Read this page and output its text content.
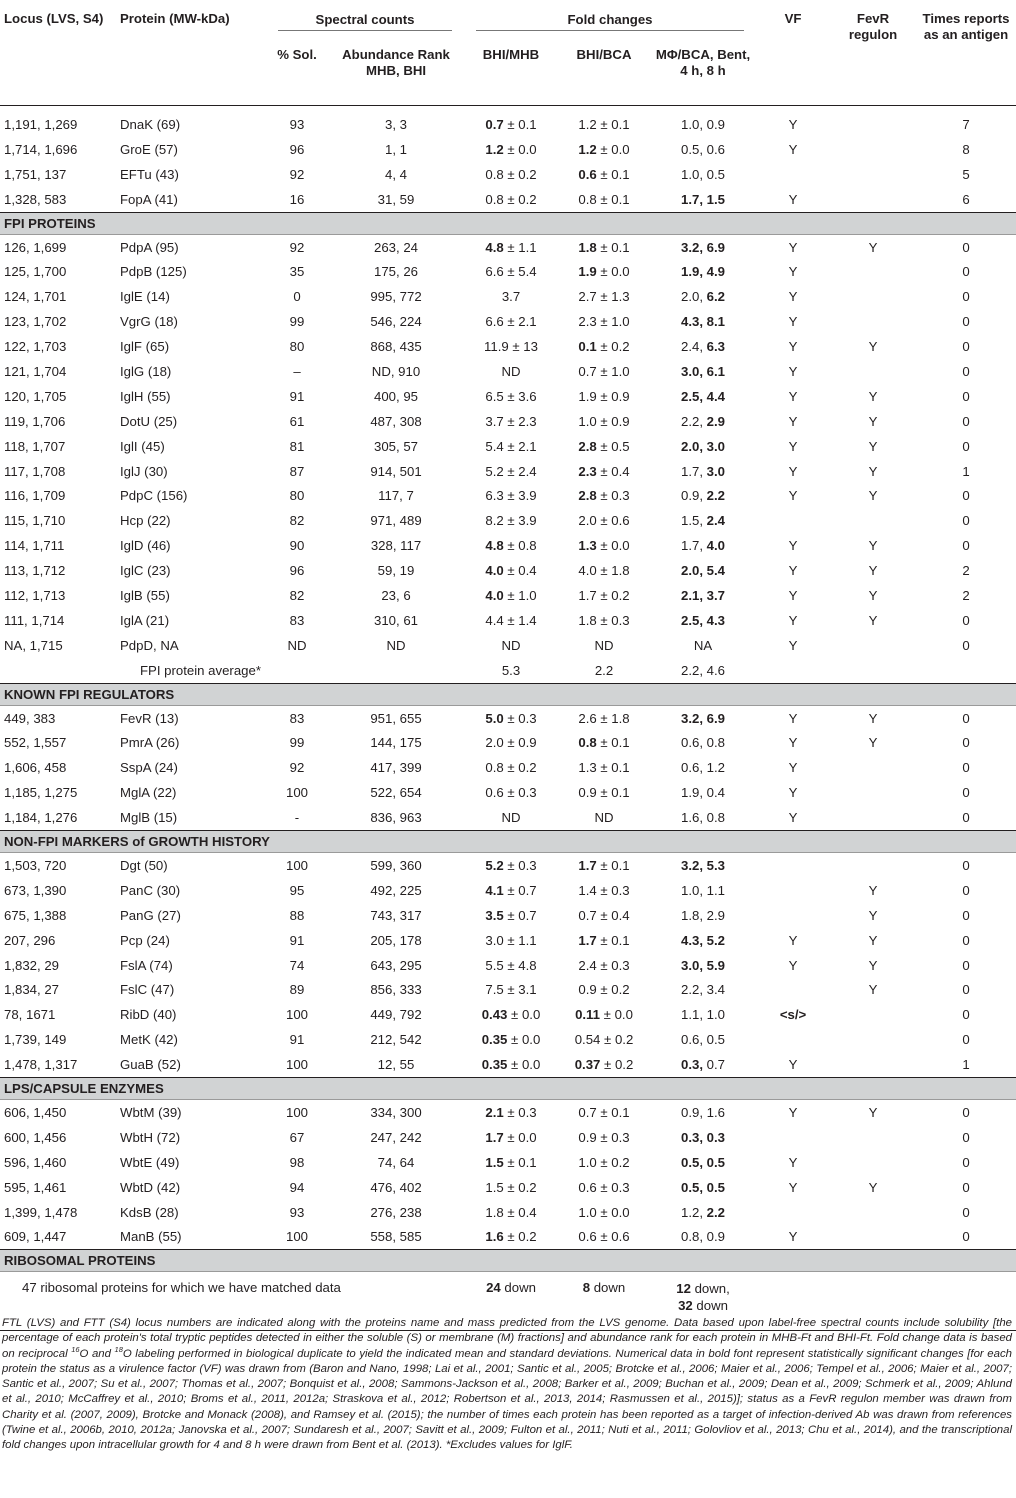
Locus (LVS, S4)	Protein (MW-kDa)	Spectral counts		Fold changes			VF	FevR regulon	Times reports as an antigen
		% Sol.	Abundance Rank MHB, BHI	BHI/MHB	BHI/BCA	MΦ/BCA, Bent, 4 h, 8 h			

1,191, 1,269	DnaK (69)	93	3, 3	0.7 ± 0.1	1.2 ± 0.1	1.0, 0.9	Y		7
1,714, 1,696	GroE (57)	96	1, 1	1.2 ± 0.0	1.2 ± 0.0	0.5, 0.6	Y		8
1,751, 137	EFTu (43)	92	4, 4	0.8 ± 0.2	0.6 ± 0.1	1.0, 0.5			5
1,328, 583	FopA (41)	16	31, 59	0.8 ± 0.2	0.8 ± 0.1	1.7, 1.5	Y		6
FPI PROTEINS									
126, 1,699	PdpA (95)	92	263, 24	4.8 ± 1.1	1.8 ± 0.1	3.2, 6.9	Y	Y	0
125, 1,700	PdpB (125)	35	175, 26	6.6 ± 5.4	1.9 ± 0.0	1.9, 4.9	Y		0
124, 1,701	IglE (14)	0	995, 772	3.7	2.7 ± 1.3	2.0, 6.2	Y		0
123, 1,702	VgrG (18)	99	546, 224	6.6 ± 2.1	2.3 ± 1.0	4.3, 8.1	Y		0
122, 1,703	IglF (65)	80	868, 435	11.9 ± 13	0.1 ± 0.2	2.4, 6.3	Y	Y	0
121, 1,704	IglG (18)	–	ND, 910	ND	0.7 ± 1.0	3.0, 6.1	Y		0
120, 1,705	IglH (55)	91	400, 95	6.5 ± 3.6	1.9 ± 0.9	2.5, 4.4	Y	Y	0
119, 1,706	DotU (25)	61	487, 308	3.7 ± 2.3	1.0 ± 0.9	2.2, 2.9	Y	Y	0
118, 1,707	IglI (45)	81	305, 57	5.4 ± 2.1	2.8 ± 0.5	2.0, 3.0	Y	Y	0
117, 1,708	IglJ (30)	87	914, 501	5.2 ± 2.4	2.3 ± 0.4	1.7, 3.0	Y	Y	1
116, 1,709	PdpC (156)	80	117, 7	6.3 ± 3.9	2.8 ± 0.3	0.9, 2.2	Y	Y	0
115, 1,710	Hcp (22)	82	971, 489	8.2 ± 3.9	2.0 ± 0.6	1.5, 2.4			0
114, 1,711	IglD (46)	90	328, 117	4.8 ± 0.8	1.3 ± 0.0	1.7, 4.0	Y	Y	0
113, 1,712	IglC (23)	96	59, 19	4.0 ± 0.4	4.0 ± 1.8	2.0, 5.4	Y	Y	2
112, 1,713	IglB (55)	82	23, 6	4.0 ± 1.0	1.7 ± 0.2	2.1, 3.7	Y	Y	2
111, 1,714	IglA (21)	83	310, 61	4.4 ± 1.4	1.8 ± 0.3	2.5, 4.3	Y	Y	0
NA, 1,715	PdpD, NA	ND	ND	ND	ND	NA	Y		0
	FPI protein average*			5.3	2.2	2.2, 4.6			
KNOWN FPI REGULATORS									
449, 383	FevR (13)	83	951, 655	5.0 ± 0.3	2.6 ± 1.8	3.2, 6.9	Y	Y	0
552, 1,557	PmrA (26)	99	144, 175	2.0 ± 0.9	0.8 ± 0.1	0.6, 0.8	Y	Y	0
1,606, 458	SspA (24)	92	417, 399	0.8 ± 0.2	1.3 ± 0.1	0.6, 1.2	Y		0
1,185, 1,275	MglA (22)	100	522, 654	0.6 ± 0.3	0.9 ± 0.1	1.9, 0.4	Y		0
1,184, 1,276	MglB (15)	-	836, 963	ND	ND	1.6, 0.8	Y		0
NON-FPI MARKERS of GROWTH HISTORY									
1,503, 720	Dgt (50)	100	599, 360	5.2 ± 0.3	1.7 ± 0.1	3.2, 5.3			0
673, 1,390	PanC (30)	95	492, 225	4.1 ± 0.7	1.4 ± 0.3	1.0, 1.1		Y	0
675, 1,388	PanG (27)	88	743, 317	3.5 ± 0.7	0.7 ± 0.4	1.8, 2.9		Y	0
207, 296	Pcp (24)	91	205, 178	3.0 ± 1.1	1.7 ± 0.1	4.3, 5.2	Y	Y	0
1,832, 29	FslA (74)	74	643, 295	5.5 ± 4.8	2.4 ± 0.3	3.0, 5.9	Y	Y	0
1,834, 27	FslC (47)	89	856, 333	7.5 ± 3.1	0.9 ± 0.2	2.2, 3.4		Y	0
78, 1671	RibD (40)	100	449, 792	0.43 ± 0.0	0.11 ± 0.0	1.1, 1.0	<s/>		0
1,739, 149	MetK (42)	91	212, 542	0.35 ± 0.0	0.54 ± 0.2	0.6, 0.5			0
1,478, 1,317	GuaB (52)	100	12, 55	0.35 ± 0.0	0.37 ± 0.2	0.3, 0.7	Y		1
LPS/CAPSULE ENZYMES									
606, 1,450	WbtM (39)	100	334, 300	2.1 ± 0.3	0.7 ± 0.1	0.9, 1.6	Y	Y	0
600, 1,456	WbtH (72)	67	247, 242	1.7 ± 0.0	0.9 ± 0.3	0.3, 0.3			0
596, 1,460	WbtE (49)	98	74, 64	1.5 ± 0.1	1.0 ± 0.2	0.5, 0.5	Y		0
595, 1,461	WbtD (42)	94	476, 402	1.5 ± 0.2	0.6 ± 0.3	0.5, 0.5	Y	Y	0
1,399, 1,478	KdsB (28)	93	276, 238	1.8 ± 0.4	1.0 ± 0.0	1.2, 2.2			0
609, 1,447	ManB (55)	100	558, 585	1.6 ± 0.2	0.6 ± 0.6	0.8, 0.9	Y		0
RIBOSOMAL PROTEINS									
47 ribosomal proteins for which we have matched data				24 down	8 down	12 down,
32 down			
FTL (LVS) and FTT (S4) locus numbers are indicated along with the proteins name and mass predicted from the LVS genome. Data based upon label-free spectral counts include solubility [the percentage of each protein's total tryptic peptides detected in either the soluble (S) or membrane (M) fractions] and abundance rank for each protein in MHB-Ft and BHI-Ft. Fold change data is based on reciprocal $^{16}$O and $^{18}$O labeling performed in biological duplicate to yield the indicated mean and standard deviations. Numerical data in bold font represent statistically significant changes [for each protein the status as a virulence factor (VF) was drawn from (Baron and Nano, 1998; Lai et al., 2001; Santic et al., 2005; Brotcke et al., 2006; Maier et al., 2006; Tempel et al., 2006; Maier et al., 2007; Santic et al., 2007; Su et al., 2007; Thomas et al., 2007; Bonquist et al., 2008; Sammons-Jackson et al., 2008; Barker et al., 2009; Buchan et al., 2009; Dean et al., 2009; Schmerk et al., 2009; Ahlund et al., 2010; McCaffrey et al., 2010; Broms et al., 2011, 2012a; Straskova et al., 2012; Robertson et al., 2013, 2014; Rasmussen et al., 2015)]; status as a FevR regulon member was drawn from Charity et al. (2007, 2009), Brotcke and Monack (2008), and Ramsey et al. (2015); the number of times each protein has been reported as a target of infection-derived Ab was drawn from references (Twine et al., 2006b, 2010, 2012a; Janovska et al., 2007; Sundaresh et al., 2007; Savitt et al., 2009; Fulton et al., 2011; Nuti et al., 2011; Golovliov et al., 2013; Chu et al., 2014), and the transcriptional fold changes upon intracellular growth for 4 and 8 h were drawn from Bent et al. (2013). *Excludes values for IglF.
